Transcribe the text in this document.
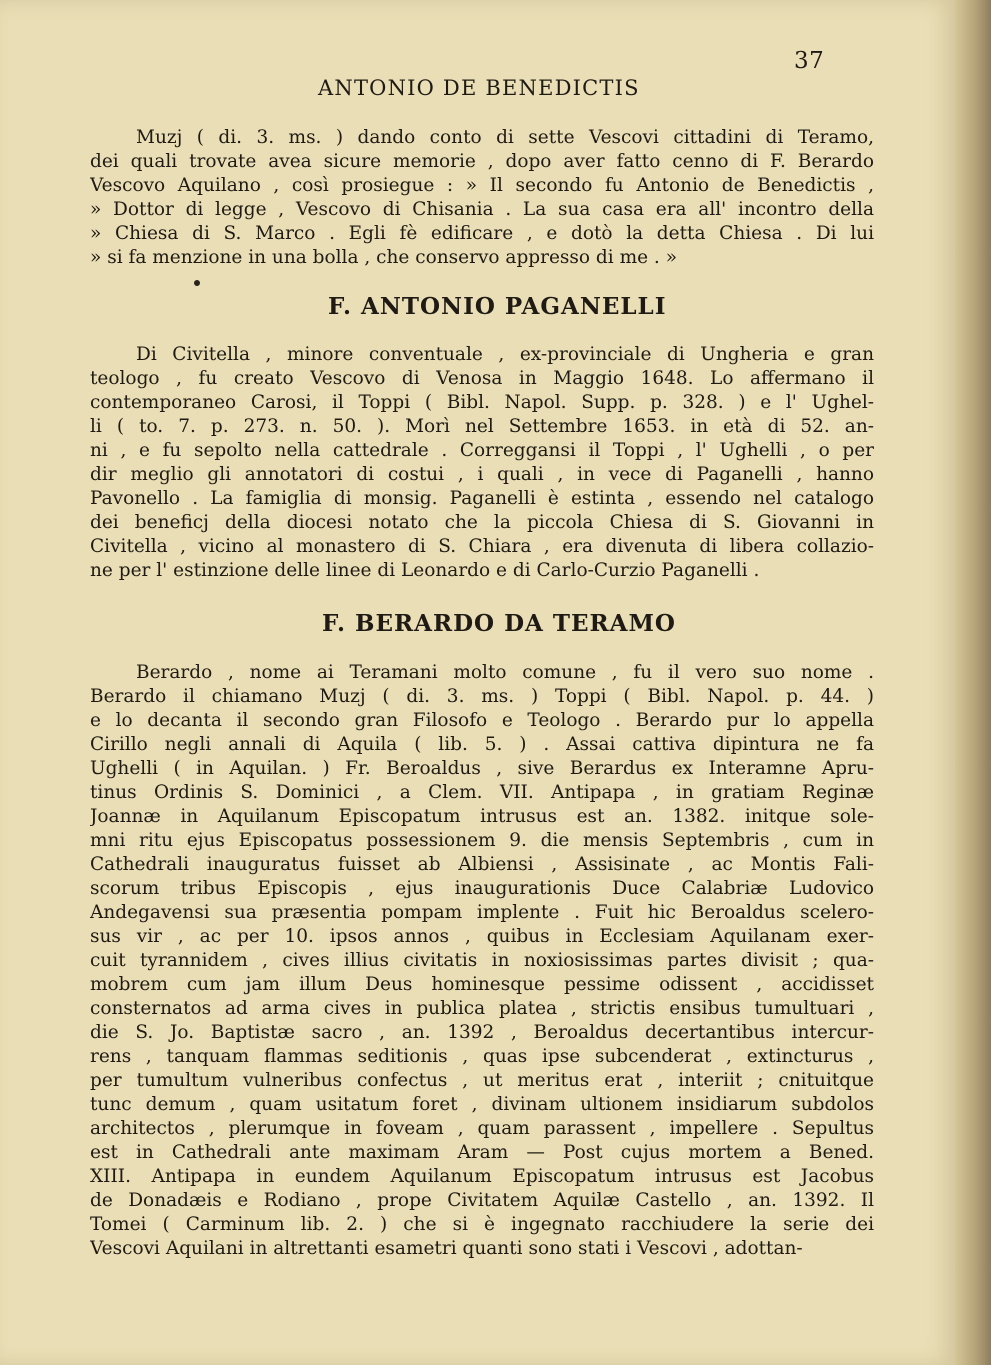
37
ANTONIO DE BENEDICTIS
Muzj ( di. 3. ms. ) dando conto di sette Vescovi cittadini di Teramo,
dei quali trovate avea sicure memorie , dopo aver fatto cenno di F. Berardo
Vescovo Aquilano , così prosiegue : » Il secondo fu Antonio de Benedictis ,
» Dottor di legge , Vescovo di Chisania . La sua casa era all' incontro della
» Chiesa di S. Marco . Egli fè edificare , e dotò la detta Chiesa . Di lui
» si fa menzione in una bolla , che conservo appresso di me . »
F. ANTONIO PAGANELLI
Di Civitella , minore conventuale , ex-provinciale di Ungheria e gran
teologo , fu creato Vescovo di Venosa in Maggio 1648. Lo affermano il
contemporaneo Carosi, il Toppi ( Bibl. Napol. Supp. p. 328. ) e l' Ughel-
li ( to. 7. p. 273. n. 50. ). Morì nel Settembre 1653. in età di 52. an-
ni , e fu sepolto nella cattedrale . Correggansi il Toppi , l' Ughelli , o per
dir meglio gli annotatori di costui , i quali , in vece di Paganelli , hanno
Pavonello . La famiglia di monsig. Paganelli è estinta , essendo nel catalogo
dei beneficj della diocesi notato che la piccola Chiesa di S. Giovanni in
Civitella , vicino al monastero di S. Chiara , era divenuta di libera collazio-
ne per l' estinzione delle linee di Leonardo e di Carlo-Curzio Paganelli .
F. BERARDO DA TERAMO
Berardo , nome ai Teramani molto comune , fu il vero suo nome .
Berardo il chiamano Muzj ( di. 3. ms. ) Toppi ( Bibl. Napol. p. 44. )
e lo decanta il secondo gran Filosofo e Teologo . Berardo pur lo appella
Cirillo negli annali di Aquila ( lib. 5. ) . Assai cattiva dipintura ne fa
Ughelli ( in Aquilan. ) Fr. Beroaldus , sive Berardus ex Interamne Apru-
tinus Ordinis S. Dominici , a Clem. VII. Antipapa , in gratiam Reginæ
Joannæ in Aquilanum Episcopatum intrusus est an. 1382. initque sole-
mni ritu ejus Episcopatus possessionem 9. die mensis Septembris , cum in
Cathedrali inauguratus fuisset ab Albiensi , Assisinate , ac Montis Fali-
scorum tribus Episcopis , ejus inaugurationis Duce Calabriæ Ludovico
Andegavensi sua præsentia pompam implente . Fuit hic Beroaldus scelero-
sus vir , ac per 10. ipsos annos , quibus in Ecclesiam Aquilanam exer-
cuit tyrannidem , cives illius civitatis in noxiosissimas partes divisit ; qua-
mobrem cum jam illum Deus hominesque pessime odissent , accidisset
consternatos ad arma cives in publica platea , strictis ensibus tumultuari ,
die S. Jo. Baptistæ sacro , an. 1392 , Beroaldus decertantibus intercur-
rens , tanquam flammas seditionis , quas ipse subcenderat , extincturus ,
per tumultum vulneribus confectus , ut meritus erat , interiit ; cnituitque
tunc demum , quam usitatum foret , divinam ultionem insidiarum subdolos
architectos , plerumque in foveam , quam parassent , impellere . Sepultus
est in Cathedrali ante maximam Aram — Post cujus mortem a Bened.
XIII. Antipapa in eundem Aquilanum Episcopatum intrusus est Jacobus
de Donadæis e Rodiano , prope Civitatem Aquilæ Castello , an. 1392. Il
Tomei ( Carminum lib. 2. ) che si è ingegnato racchiudere la serie dei
Vescovi Aquilani in altrettanti esametri quanti sono stati i Vescovi , adottan-
